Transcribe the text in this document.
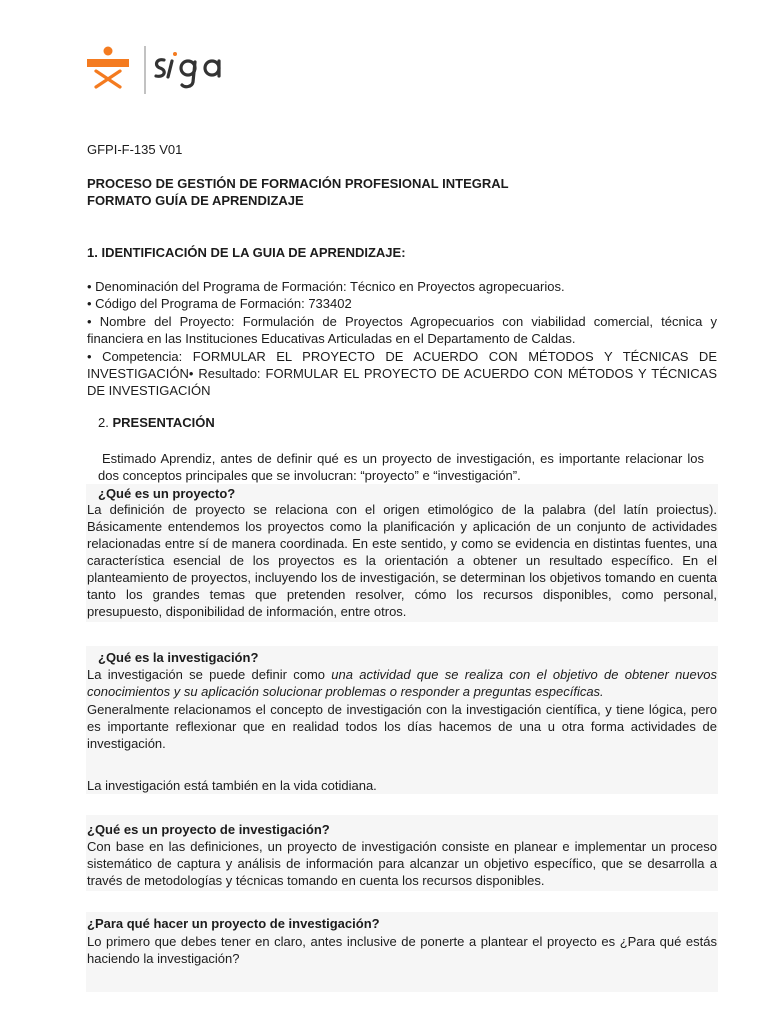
GFPI-F-135 V01

PROCESO DE GESTIÓN DE FORMACIÓN PROFESIONAL INTEGRAL

FORMATO GUÍA DE APRENDIZAJE

1. IDENTIFICACIÓN DE LA GUIA DE APRENDIZAJE:

• Denominación del Programa de Formación: Técnico en Proyectos agropecuarios.

• Código del Programa de Formación: 733402

• Nombre del Proyecto: Formulación de Proyectos Agropecuarios con viabilidad comercial, técnica y financiera en las Instituciones Educativas Articuladas en el Departamento de Caldas.

• Competencia: FORMULAR EL PROYECTO DE ACUERDO CON MÉTODOS Y TÉCNICAS DE INVESTIGACIÓN• Resultado: FORMULAR EL PROYECTO DE ACUERDO CON MÉTODOS Y TÉCNICAS DE INVESTIGACIÓN

2. PRESENTACIÓN

Estimado Aprendiz, antes de definir qué es un proyecto de investigación, es importante relacionar los dos conceptos principales que se involucran: “proyecto” e “investigación”.

¿Qué es un proyecto?

La definición de proyecto se relaciona con el origen etimológico de la palabra (del latín proiectus). Básicamente entendemos los proyectos como la planificación y aplicación de un conjunto de actividades relacionadas entre sí de manera coordinada. En este sentido, y como se evidencia en distintas fuentes, una característica esencial de los proyectos es la orientación a obtener un resultado específico. En el planteamiento de proyectos, incluyendo los de investigación, se determinan los objetivos tomando en cuenta tanto los grandes temas que pretenden resolver, cómo los recursos disponibles, como personal, presupuesto, disponibilidad de información, entre otros.

¿Qué es la investigación?

La investigación se puede definir como una actividad que se realiza con el objetivo de obtener nuevos conocimientos y su aplicación solucionar problemas o responder a preguntas específicas.

Generalmente relacionamos el concepto de investigación con la investigación científica, y tiene lógica, pero es importante reflexionar que en realidad todos los días hacemos de una u otra forma actividades de investigación.

La investigación está también en la vida cotidiana.

¿Qué es un proyecto de investigación?

Con base en las definiciones, un proyecto de investigación consiste en planear e implementar un proceso sistemático de captura y análisis de información para alcanzar un objetivo específico, que se desarrolla a través de metodologías y técnicas tomando en cuenta los recursos disponibles.

¿Para qué hacer un proyecto de investigación?

Lo primero que debes tener en claro, antes inclusive de ponerte a plantear el proyecto es ¿Para qué estás haciendo la investigación?
